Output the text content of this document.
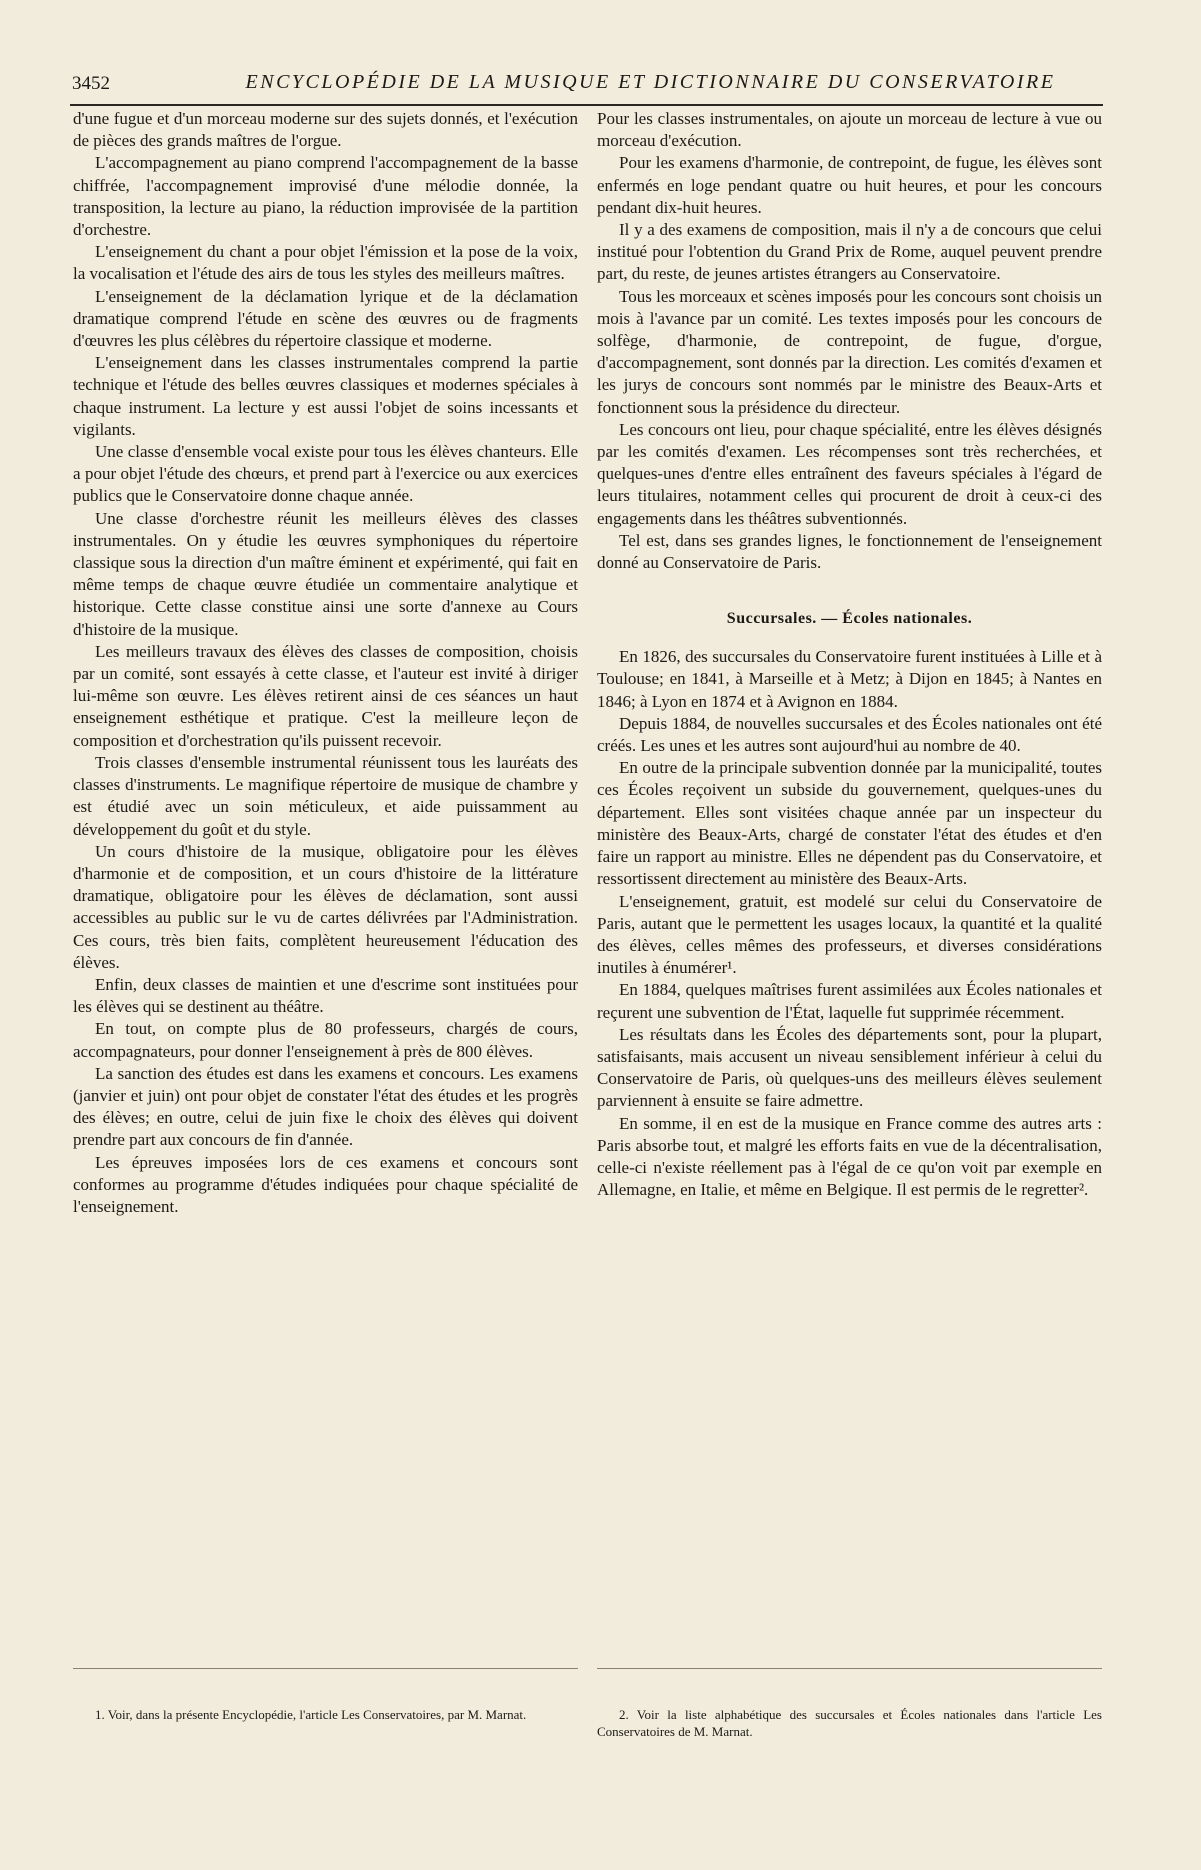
3452	ENCYCLOPÉDIE DE LA MUSIQUE ET DICTIONNAIRE DU CONSERVATOIRE

d'une fugue et d'un morceau moderne sur des sujets donnés, et l'exécution de pièces des grands maîtres de l'orgue.

L'accompagnement au piano comprend l'accompagnement de la basse chiffrée, l'accompagnement improvisé d'une mélodie donnée, la transposition, la lecture au piano, la réduction improvisée de la partition d'orchestre.

L'enseignement du chant a pour objet l'émission et la pose de la voix, la vocalisation et l'étude des airs de tous les styles des meilleurs maîtres.

L'enseignement de la déclamation lyrique et de la déclamation dramatique comprend l'étude en scène des œuvres ou de fragments d'œuvres les plus célèbres du répertoire classique et moderne.

L'enseignement dans les classes instrumentales comprend la partie technique et l'étude des belles œuvres classiques et modernes spéciales à chaque instrument. La lecture y est aussi l'objet de soins incessants et vigilants.

Une classe d'ensemble vocal existe pour tous les élèves chanteurs. Elle a pour objet l'étude des chœurs, et prend part à l'exercice ou aux exercices publics que le Conservatoire donne chaque année.

Une classe d'orchestre réunit les meilleurs élèves des classes instrumentales. On y étudie les œuvres symphoniques du répertoire classique sous la direction d'un maître éminent et expérimenté, qui fait en même temps de chaque œuvre étudiée un commentaire analytique et historique. Cette classe constitue ainsi une sorte d'annexe au Cours d'histoire de la musique.

Les meilleurs travaux des élèves des classes de composition, choisis par un comité, sont essayés à cette classe, et l'auteur est invité à diriger lui-même son œuvre. Les élèves retirent ainsi de ces séances un haut enseignement esthétique et pratique. C'est la meilleure leçon de composition et d'orchestration qu'ils puissent recevoir.

Trois classes d'ensemble instrumental réunissent tous les lauréats des classes d'instruments. Le magnifique répertoire de musique de chambre y est étudié avec un soin méticuleux, et aide puissamment au développement du goût et du style.

Un cours d'histoire de la musique, obligatoire pour les élèves d'harmonie et de composition, et un cours d'histoire de la littérature dramatique, obligatoire pour les élèves de déclamation, sont aussi accessibles au public sur le vu de cartes délivrées par l'Administration. Ces cours, très bien faits, complètent heureusement l'éducation des élèves.

Enfin, deux classes de maintien et une d'escrime sont instituées pour les élèves qui se destinent au théâtre.

En tout, on compte plus de 80 professeurs, chargés de cours, accompagnateurs, pour donner l'enseignement à près de 800 élèves.

La sanction des études est dans les examens et concours. Les examens (janvier et juin) ont pour objet de constater l'état des études et les progrès des élèves; en outre, celui de juin fixe le choix des élèves qui doivent prendre part aux concours de fin d'année.

Les épreuves imposées lors de ces examens et concours sont conformes au programme d'études indiquées pour chaque spécialité de l'enseignement.

Pour les classes instrumentales, on ajoute un morceau de lecture à vue ou morceau d'exécution.

Pour les examens d'harmonie, de contrepoint, de fugue, les élèves sont enfermés en loge pendant quatre ou huit heures, et pour les concours pendant dix-huit heures.

Il y a des examens de composition, mais il n'y a de concours que celui institué pour l'obtention du Grand Prix de Rome, auquel peuvent prendre part, du reste, de jeunes artistes étrangers au Conservatoire.

Tous les morceaux et scènes imposés pour les concours sont choisis un mois à l'avance par un comité. Les textes imposés pour les concours de solfège, d'harmonie, de contrepoint, de fugue, d'orgue, d'accompagnement, sont donnés par la direction. Les comités d'examen et les jurys de concours sont nommés par le ministre des Beaux-Arts et fonctionnent sous la présidence du directeur.

Les concours ont lieu, pour chaque spécialité, entre les élèves désignés par les comités d'examen. Les récompenses sont très recherchées, et quelques-unes d'entre elles entraînent des faveurs spéciales à l'égard de leurs titulaires, notamment celles qui procurent de droit à ceux-ci des engagements dans les théâtres subventionnés.

Tel est, dans ses grandes lignes, le fonctionnement de l'enseignement donné au Conservatoire de Paris.

Succursales. — Écoles nationales.

En 1826, des succursales du Conservatoire furent instituées à Lille et à Toulouse; en 1841, à Marseille et à Metz; à Dijon en 1845; à Nantes en 1846; à Lyon en 1874 et à Avignon en 1884.

Depuis 1884, de nouvelles succursales et des Écoles nationales ont été créés. Les unes et les autres sont aujourd'hui au nombre de 40.

En outre de la principale subvention donnée par la municipalité, toutes ces Écoles reçoivent un subside du gouvernement, quelques-unes du département. Elles sont visitées chaque année par un inspecteur du ministère des Beaux-Arts, chargé de constater l'état des études et d'en faire un rapport au ministre. Elles ne dépendent pas du Conservatoire, et ressortissent directement au ministère des Beaux-Arts.

L'enseignement, gratuit, est modelé sur celui du Conservatoire de Paris, autant que le permettent les usages locaux, la quantité et la qualité des élèves, celles mêmes des professeurs, et diverses considérations inutiles à énumérer¹.

En 1884, quelques maîtrises furent assimilées aux Écoles nationales et reçurent une subvention de l'État, laquelle fut supprimée récemment.

Les résultats dans les Écoles des départements sont, pour la plupart, satisfaisants, mais accusent un niveau sensiblement inférieur à celui du Conservatoire de Paris, où quelques-uns des meilleurs élèves seulement parviennent à ensuite se faire admettre.

En somme, il en est de la musique en France comme des autres arts : Paris absorbe tout, et malgré les efforts faits en vue de la décentralisation, celle-ci n'existe réellement pas à l'égal de ce qu'on voit par exemple en Allemagne, en Italie, et même en Belgique. Il est permis de le regretter².

1. Voir, dans la présente Encyclopédie, l'article Les Conservatoires, par M. Marnat.	2. Voir la liste alphabétique des succursales et Écoles nationales dans l'article Les Conservatoires de M. Marnat.
